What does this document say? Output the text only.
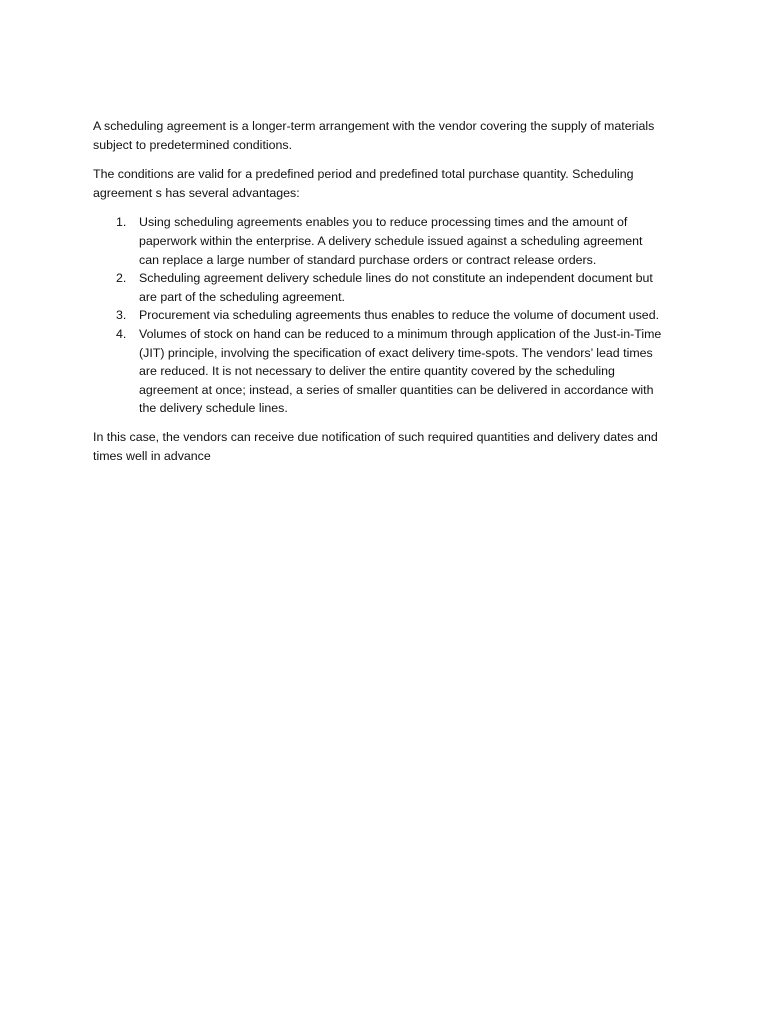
A scheduling agreement is a longer-term arrangement with the vendor covering the supply of materials subject to predetermined conditions.

The conditions are valid for a predefined period and predefined total purchase quantity. Scheduling agreement s has several advantages:

1. Using scheduling agreements enables you to reduce processing times and the amount of paperwork within the enterprise. A delivery schedule issued against a scheduling agreement can replace a large number of standard purchase orders or contract release orders.
2. Scheduling agreement delivery schedule lines do not constitute an independent document but are part of the scheduling agreement.
3. Procurement via scheduling agreements thus enables to reduce the volume of document used.
4. Volumes of stock on hand can be reduced to a minimum through application of the Just-in-Time (JIT) principle, involving the specification of exact delivery time-spots. The vendors’ lead times are reduced. It is not necessary to deliver the entire quantity covered by the scheduling agreement at once; instead, a series of smaller quantities can be delivered in accordance with the delivery schedule lines.

In this case, the vendors can receive due notification of such required quantities and delivery dates and times well in advance
